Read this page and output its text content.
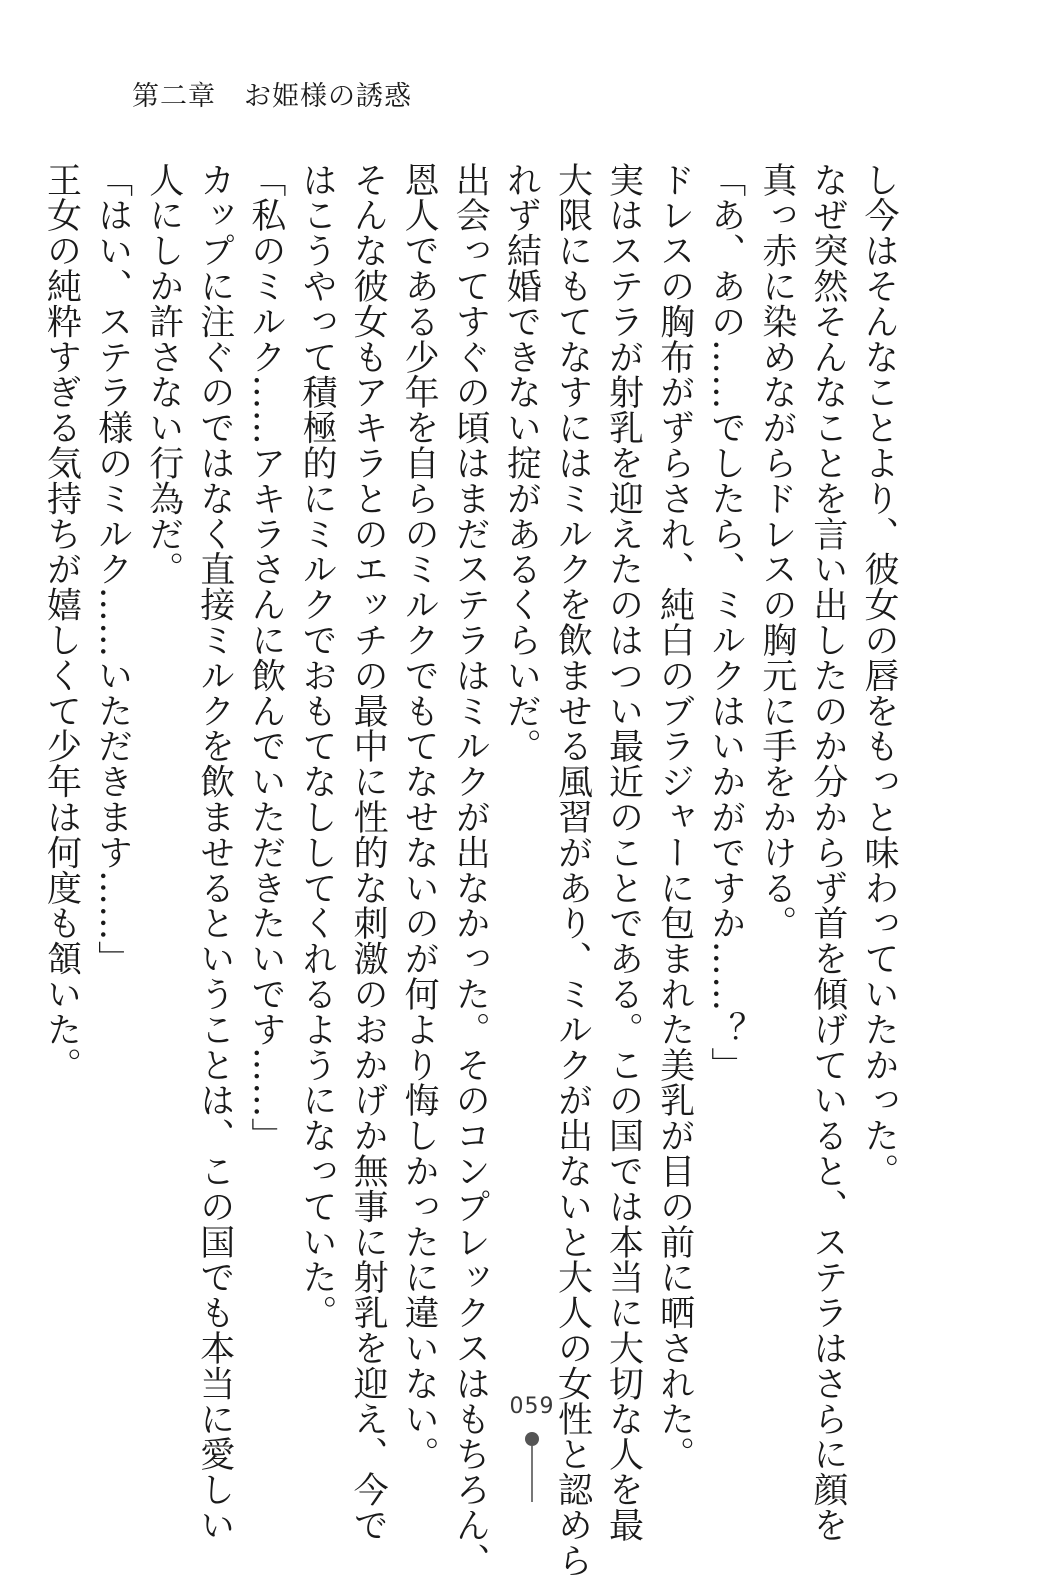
第二章　お姫様の誘惑
し今はそんなことより、彼女の唇をもっと味わっていたかった。
なぜ突然そんなことを言い出したのか分からず首を傾げていると、ステラはさらに顔を
真っ赤に染めながらドレスの胸元に手をかける。
「あ、あの……でしたら、ミルクはいかがですか……？」
ドレスの胸布がずらされ、純白のブラジャーに包まれた美乳が目の前に晒された。
実はステラが射乳を迎えたのはつい最近のことである。この国では本当に大切な人を最
大限にもてなすにはミルクを飲ませる風習があり、ミルクが出ないと大人の女性と認めら
れず結婚できない掟があるくらいだ。
出会ってすぐの頃はまだステラはミルクが出なかった。そのコンプレックスはもちろん、
恩人である少年を自らのミルクでもてなせないのが何より悔しかったに違いない。
そんな彼女もアキラとのエッチの最中に性的な刺激のおかげか無事に射乳を迎え、今で
はこうやって積極的にミルクでおもてなししてくれるようになっていた。
「私のミルク……アキラさんに飲んでいただきたいです……」
カップに注ぐのではなく直接ミルクを飲ませるということは、この国でも本当に愛しい
人にしか許さない行為だ。
「はい、ステラ様のミルク……いただきます……」
王女の純粋すぎる気持ちが嬉しくて少年は何度も頷いた。
059
